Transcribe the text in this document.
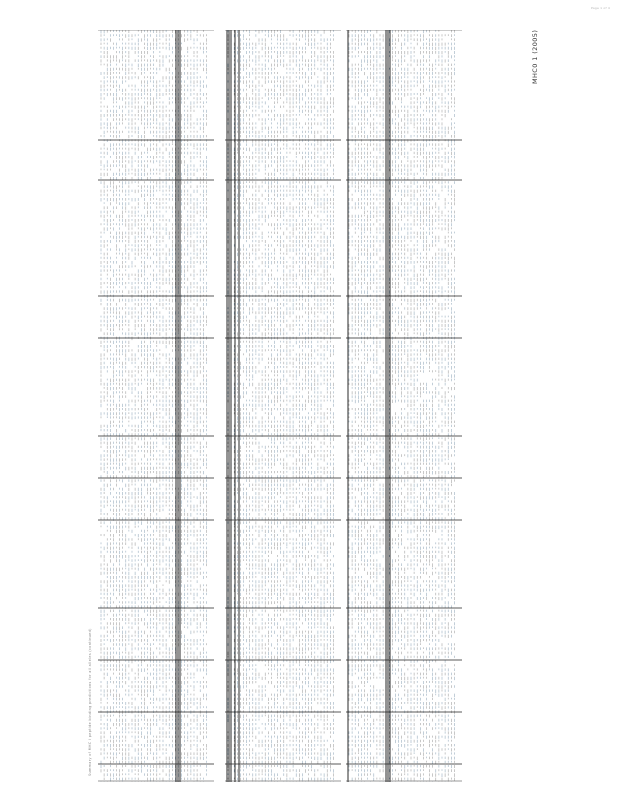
Page 1 of 4
Summary of MHC I peptide binding predictions for all alleles (continued)
MHC0 1 (2005)
